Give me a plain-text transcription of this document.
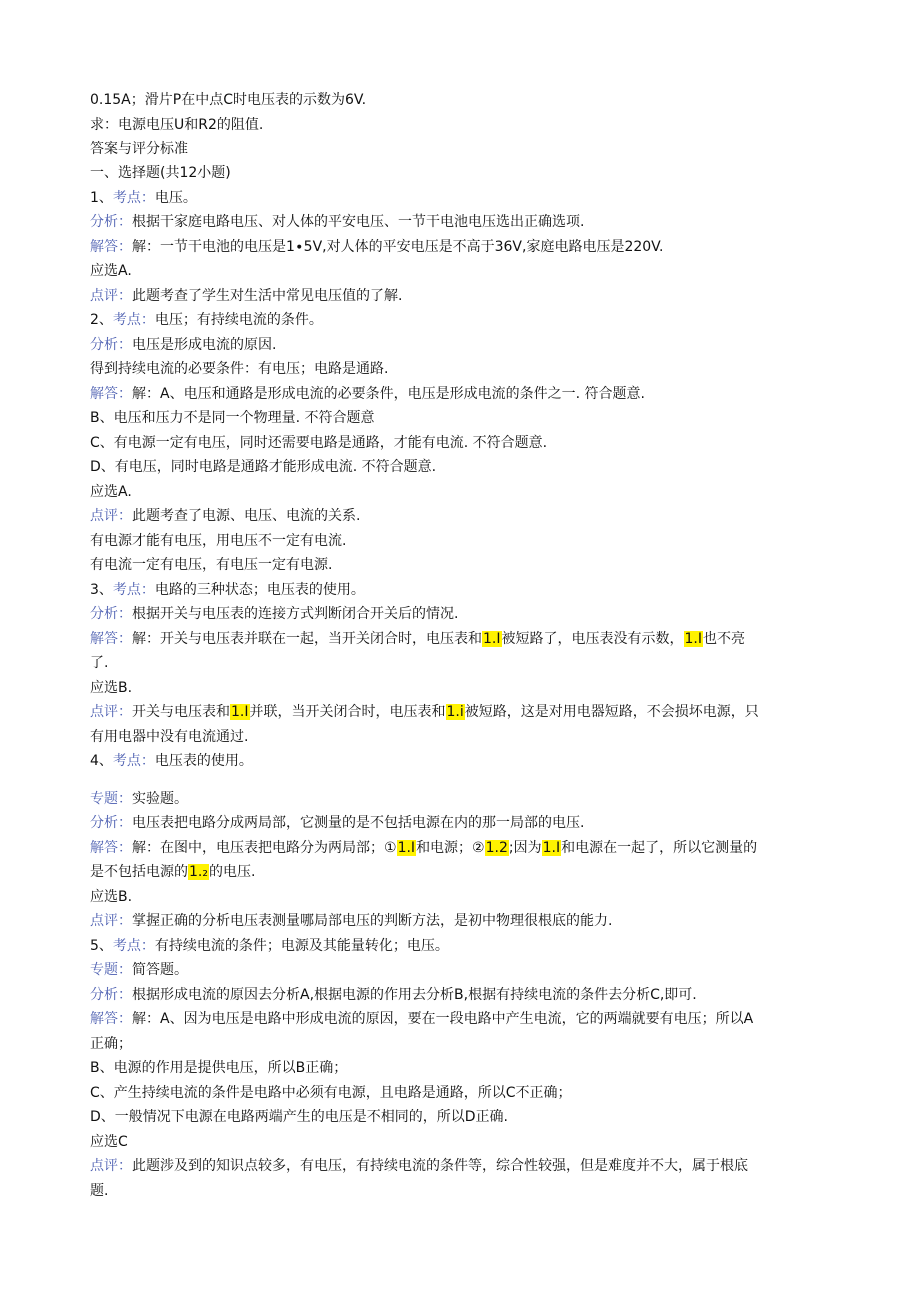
0.15A；滑片P在中点C时电压表的示数为6V.
求：电源电压U和R2的阻值.
答案与评分标准
一、选择题(共12小题)
1、考点：电压。
分析：根据干家庭电路电压、对人体的平安电压、一节干电池电压选出正确选项.
解答：解：一节干电池的电压是1∙5V,对人体的平安电压是不高于36V,家庭电路电压是220V.
应选A.
点评：此题考查了学生对生活中常见电压值的了解.
2、考点：电压；有持续电流的条件。
分析：电压是形成电流的原因.
得到持续电流的必要条件：有电压；电路是通路.
解答：解：A、电压和通路是形成电流的必要条件，电压是形成电流的条件之一. 符合题意.
B、电压和压力不是同一个物理量. 不符合题意
C、有电源一定有电压，同时还需要电路是通路，才能有电流. 不符合题意.
D、有电压，同时电路是通路才能形成电流. 不符合题意.
应选A.
点评：此题考查了电源、电压、电流的关系.
有电源才能有电压，用电压不一定有电流.
有电流一定有电压，有电压一定有电源.
3、考点：电路的三种状态；电压表的使用。
分析：根据开关与电压表的连接方式判断闭合开关后的情况.
解答：解：开关与电压表并联在一起，当开关闭合时，电压表和1.I被短路了，电压表没有示数，1.I也不亮
了.
应选B.
点评：开关与电压表和1.I并联，当开关闭合时，电压表和1.i被短路，这是对用电器短路，不会损坏电源，只
有用电器中没有电流通过.
4、考点：电压表的使用。
专题：实验题。
分析：电压表把电路分成两局部，它测量的是不包括电源在内的那一局部的电压.
解答：解：在图中，电压表把电路分为两局部；①1.I和电源；②1.2;因为1.I和电源在一起了，所以它测量的
是不包括电源的1.₂的电压.
应选B.
点评：掌握正确的分析电压表测量哪局部电压的判断方法，是初中物理很根底的能力.
5、考点：有持续电流的条件；电源及其能量转化；电压。
专题：简答题。
分析：根据形成电流的原因去分析A,根据电源的作用去分析B,根据有持续电流的条件去分析C,即可.
解答：解：A、因为电压是电路中形成电流的原因，要在一段电路中产生电流，它的两端就要有电压；所以A
正确；
B、电源的作用是提供电压，所以B正确；
C、产生持续电流的条件是电路中必须有电源，且电路是通路，所以C不正确；
D、一般情况下电源在电路两端产生的电压是不相同的，所以D正确.
应选C
点评：此题涉及到的知识点较多，有电压，有持续电流的条件等，综合性较强，但是难度并不大，属于根底
题.
